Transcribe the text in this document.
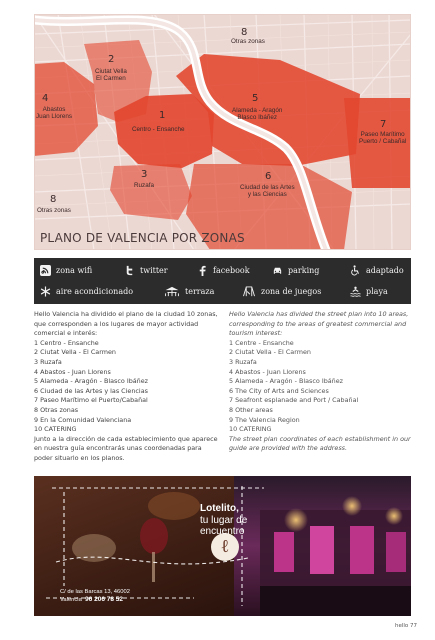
8
Otras zonas
2
Ciutat Vella
El Carmen
4
Abastos
Juan Llorens	1
Centro - Ensanche
5
Alameda - Aragón
Blasco Ibáñez
7
Paseo Marítimo
Puerto / Cabañal
3
Ruzafa
6
Ciudad de las Artes
y las Ciencias
8
Otras zonas
PLANO DE VALENCIA POR ZONAS
zona wifi	twitter	facebook	parking	adaptado
aire acondicionado	terraza	zona de juegos	playa
Hello Valencia ha dividido el plano de la ciudad 10 zonas, que corresponden a los lugares de mayor actividad comercial e interés:
1 Centro - Ensanche
2 Ciutat Vella - El Carmen
3 Ruzafa
4 Abastos - Juan Llorens
5 Alameda - Aragón - Blasco Ibáñez
6 Ciudad de las Artes y las Ciencias
7 Paseo Marítimo el Puerto/Cabañal
8 Otras zonas
9 En la Comunidad Valenciana
10 CATERING
Junto a la dirección de cada establecimiento que aparece en nuestra guía encontrarás unas coordenadas para poder situarlo en los planos.
Hello Valencia has divided the street plan into 10 areas, corresponding to the areas of greatest commercial and tourism interest:
1 Centre - Ensanche
2 Ciutat Vella - El Carmen
3 Ruzafa
4 Abastos - Juan Llorens
5 Alameda - Aragón - Blasco Ibáñez
6 The City of Arts and Sciences
7 Seafront esplanade and Port / Cabañal
8 Other areas
9 The Valencia Region
10 CATERING
The street plan coordinates of each establishment in our guide are provided with the address.
ℓ
Lotelito,
tu lugar de
encuentro
C/ de las Barcas 13, 46002
Valencia 96 206 78 52
hello 77
